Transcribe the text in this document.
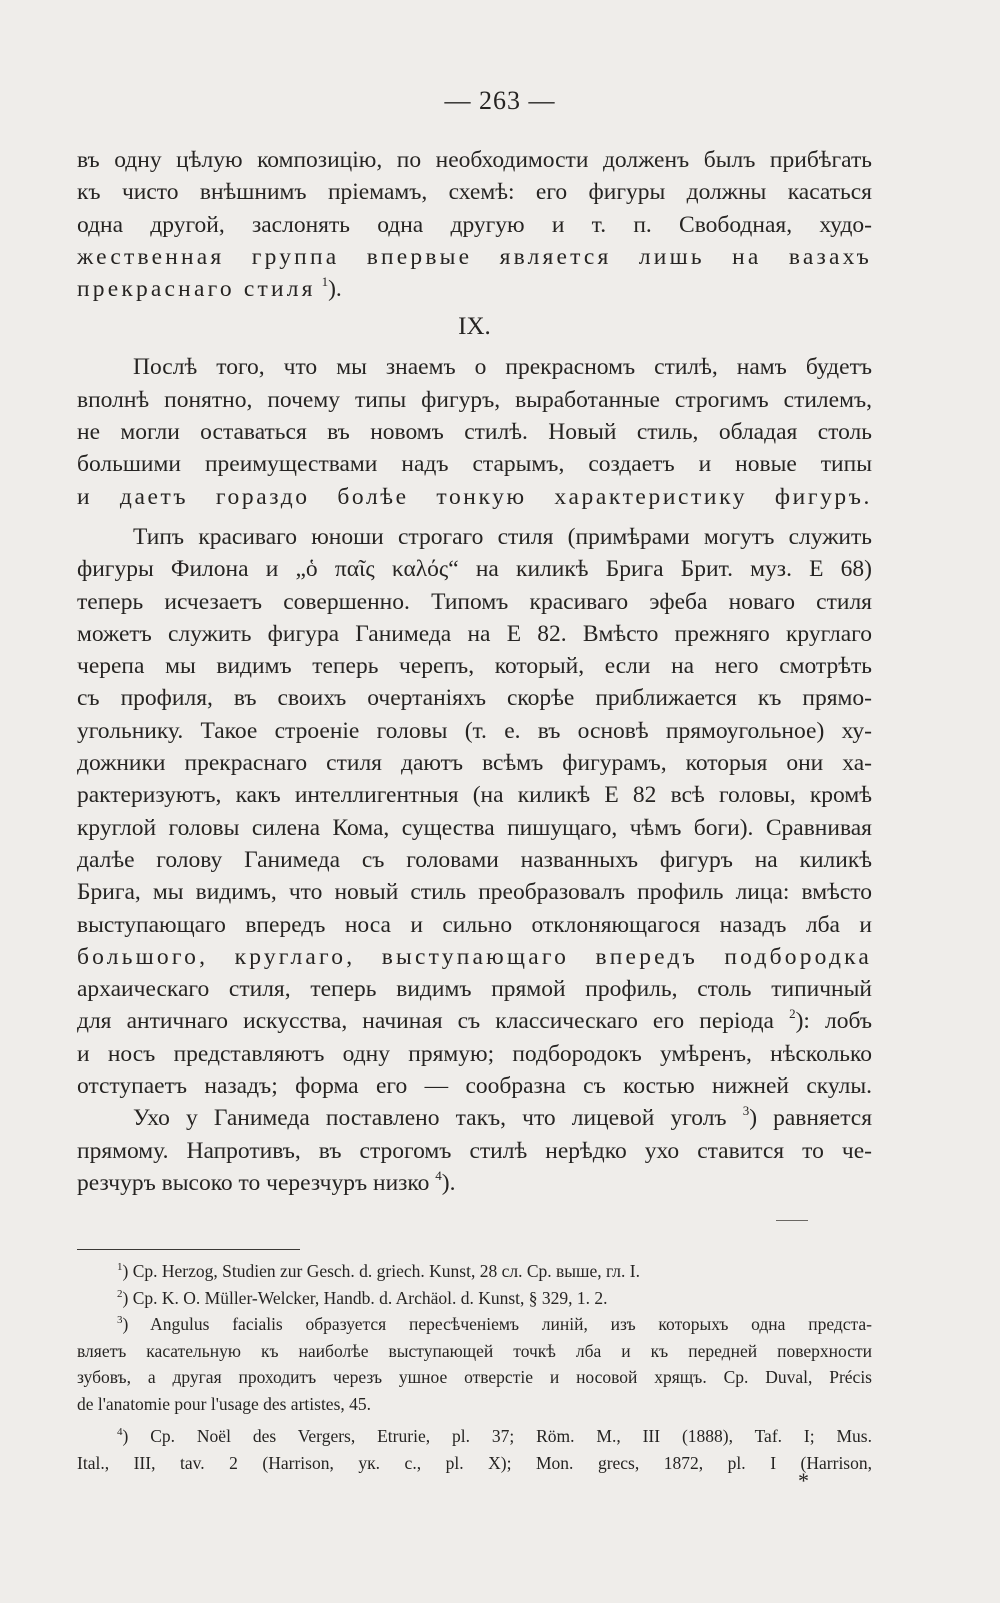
— 263 —
въ одну цѣлую композицію, по необходимости долженъ былъ прибѣгать
къ чисто внѣшнимъ пріемамъ, схемѣ: его фигуры должны касаться
одна другой, заслонять одна другую и т. п. Свободная, худо-
жественная группа впервые является лишь на вазахъ
прекраснаго стиля $^1$).
IX.
Послѣ того, что мы знаемъ о прекрасномъ стилѣ, намъ будетъ
вполнѣ понятно, почему типы фигуръ, выработанные строгимъ стилемъ,
не могли оставаться въ новомъ стилѣ. Новый стиль, обладая столь
большими преимуществами надъ старымъ, создаетъ и новые типы
и даетъ гораздо болѣе тонкую характеристику фигуръ.
Типъ красиваго юноши строгаго стиля (примѣрами могутъ служить
фигуры Филона и „ὁ παῖς καλός“ на киликѣ Брига Брит. муз. E 68)
теперь исчезаетъ совершенно. Типомъ красиваго эфеба новаго стиля
можетъ служить фигура Ганимеда на E 82. Вмѣсто прежняго круглаго
черепа мы видимъ теперь черепъ, который, если на него смотрѣть
съ профиля, въ своихъ очертаніяхъ скорѣе приближается къ прямо-
угольнику. Такое строеніе головы (т. е. въ основѣ прямоугольное) ху-
дожники прекраснаго стиля даютъ всѣмъ фигурамъ, которыя они ха-
рактеризуютъ, какъ интеллигентныя (на киликѣ E 82 всѣ головы, кромѣ
круглой головы силена Кома, существа пишущаго, чѣмъ боги). Сравнивая
далѣе голову Ганимеда съ головами названныхъ фигуръ на киликѣ
Брига, мы видимъ, что новый стиль преобразовалъ профиль лица: вмѣсто
выступающаго впередъ носа и сильно отклоняющагося назадъ лба и
большого, круглаго, выступающаго впередъ подбородка
архаическаго стиля, теперь видимъ прямой профиль, столь типичный
для античнаго искусства, начиная съ классическаго его періода $^2$): лобъ
и носъ представляютъ одну прямую; подбородокъ умѣренъ, нѣсколько
отступаетъ назадъ; форма его — сообразна съ костью нижней скулы.
Ухо у Ганимеда поставлено такъ, что лицевой уголъ $^3$) равняется
прямому. Напротивъ, въ строгомъ стилѣ нерѣдко ухо ставится то че-
резчуръ высоко то черезчуръ низко $^4$).
$^1$) Ср. Herzog, Studien zur Gesch. d. griech. Kunst, 28 сл. Ср. выше, гл. I.
$^2$) Ср. K. O. Müller-Welcker, Handb. d. Archäol. d. Kunst, § 329, 1. 2.
$^3$) Angulus facialis образуется пересѣченіемъ линій, изъ которыхъ одна предста-
вляетъ касательную къ наиболѣе выступающей точкѣ лба и къ передней поверхности
зубовъ, а другая проходитъ черезъ ушное отверстіе и носовой хрящъ. Ср. Duval, Précis
de l'anatomie pour l'usage des artistes, 45.
$^4$) Ср. Noël des Vergers, Etrurie, pl. 37; Röm. M., III (1888), Taf. I; Mus.
Ital., III, tav. 2 (Harrison, ук. с., pl. X); Mon. grecs, 1872, pl. I (Harrison,
*
